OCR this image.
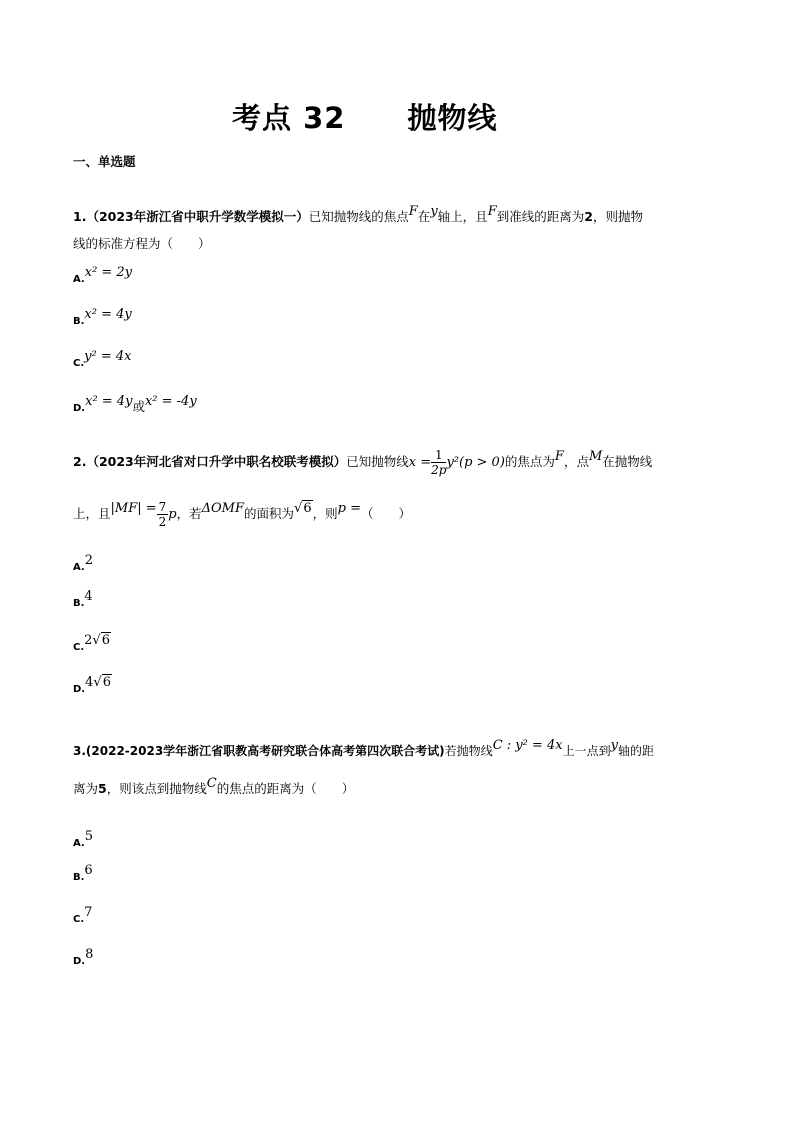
考点 32 抛物线
一、单选题
1.（2023年浙江省中职升学数学模拟一）已知抛物线的焦点F在y轴上，且F到准线的距离为2，则抛物
线的标准方程为（　　）
A.x² = 2y
B.x² = 4y
C.y² = 4x
D.x² = 4y或x² = -4y
2.（2023年河北省对口升学中职名校联考模拟）已知抛物线$x = \frac{1}{2p} y^2(p > 0)$的焦点为F，点M在抛物线
上，且$|MF| = \frac{7}{2}$ p，若ΔOMF的面积为√6，则p =（　　）
A.2
B.4
C.2√6
D.4√6
3.(2022-2023学年浙江省职教高考研究联合体高考第四次联合考试)若抛物线C : y² = 4x上一点到y轴的距
离为5，则该点到抛物线C的焦点的距离为（　　）
A.5
B.6
C.7
D.8
